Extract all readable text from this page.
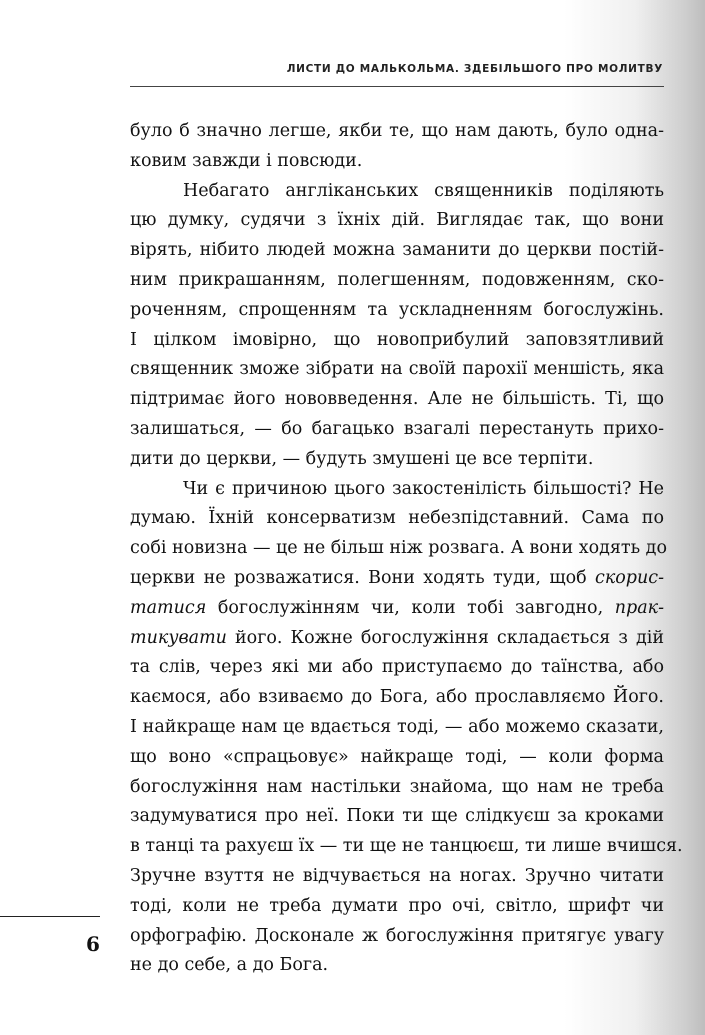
ЛИСТИ ДО МАЛЬКОЛЬМА. ЗДЕБІЛЬШОГО ПРО МОЛИТВУ
було б значно легше, якби те, що нам дають, було одна-
ковим завжди і повсюди.
Небагато англіканських священників поділяють
цю думку, судячи з їхніх дій. Виглядає так, що вони
вірять, нібито людей можна заманити до церкви постій-
ним прикрашанням, полегшенням, подовженням, ско-
роченням, спрощенням та ускладненням богослужінь.
І цілком імовірно, що новоприбулий заповзятливий
священник зможе зібрати на своїй парохії меншість, яка
підтримає його нововведення. Але не більшість. Ті, що
залишаться, — бо багацько взагалі перестануть прихо-
дити до церкви, — будуть змушені це все терпіти.
Чи є причиною цього закостенілість більшості? Не
думаю. Їхній консерватизм небезпідставний. Сама по
собі новизна — це не більш ніж розвага. А вони ходять до
церкви не розважатися. Вони ходять туди, щоб скорис-
татися богослужінням чи, коли тобі завгодно, прак-
тикувати його. Кожне богослужіння складається з дій
та слів, через які ми або приступаємо до таїнства, або
каємося, або взиваємо до Бога, або прославляємо Його.
І найкраще нам це вдається тоді, — або можемо сказати,
що воно «спрацьовує» найкраще тоді, — коли форма
богослужіння нам настільки знайома, що нам не треба
задумуватися про неї. Поки ти ще слідкуєш за кроками
в танці та рахуєш їх — ти ще не танцюєш, ти лише вчишся.
Зручне взуття не відчувається на ногах. Зручно читати
тоді, коли не треба думати про очі, світло, шрифт чи
орфографію. Досконале ж богослужіння притягує увагу
не до себе, а до Бога.
6
